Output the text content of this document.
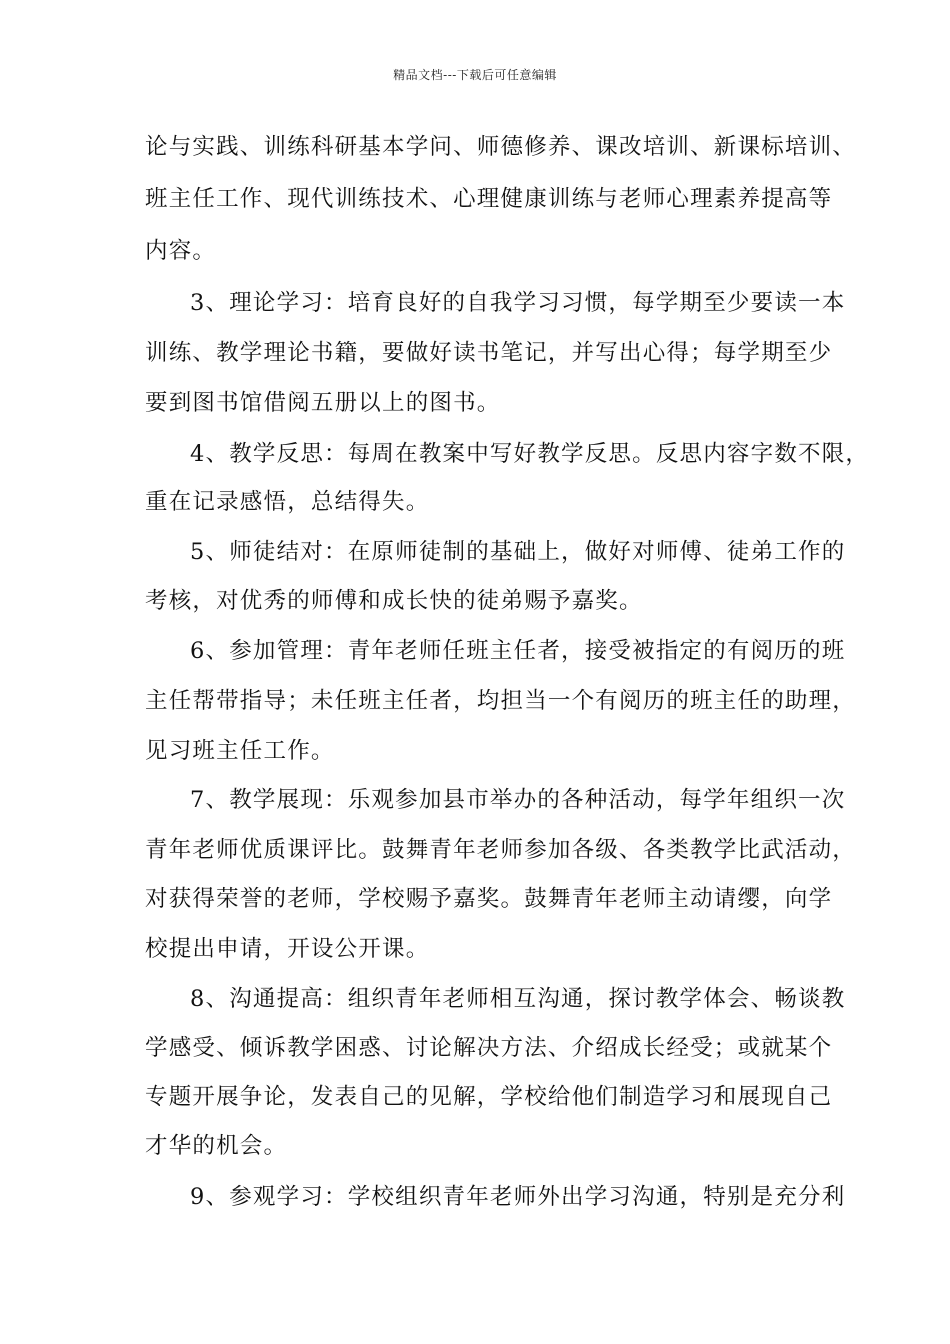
精品文档---下载后可任意编辑
论与实践、训练科研基本学问、师德修养、课改培训、新课标培训、
班主任工作、现代训练技术、心理健康训练与老师心理素养提高等
内容。
3、理论学习：培育良好的自我学习习惯，每学期至少要读一本
训练、教学理论书籍，要做好读书笔记，并写出心得；每学期至少
要到图书馆借阅五册以上的图书。
4、教学反思：每周在教案中写好教学反思。反思内容字数不限，
重在记录感悟，总结得失。
5、师徒结对：在原师徒制的基础上，做好对师傅、徒弟工作的
考核，对优秀的师傅和成长快的徒弟赐予嘉奖。
6、参加管理：青年老师任班主任者，接受被指定的有阅历的班
主任帮带指导；未任班主任者，均担当一个有阅历的班主任的助理，
见习班主任工作。
7、教学展现：乐观参加县市举办的各种活动，每学年组织一次
青年老师优质课评比。鼓舞青年老师参加各级、各类教学比武活动，
对获得荣誉的老师，学校赐予嘉奖。鼓舞青年老师主动请缨，向学
校提出申请，开设公开课。
8、沟通提高：组织青年老师相互沟通，探讨教学体会、畅谈教
学感受、倾诉教学困惑、讨论解决方法、介绍成长经受；或就某个
专题开展争论，发表自己的见解，学校给他们制造学习和展现自己
才华的机会。
9、参观学习：学校组织青年老师外出学习沟通，特别是充分利
